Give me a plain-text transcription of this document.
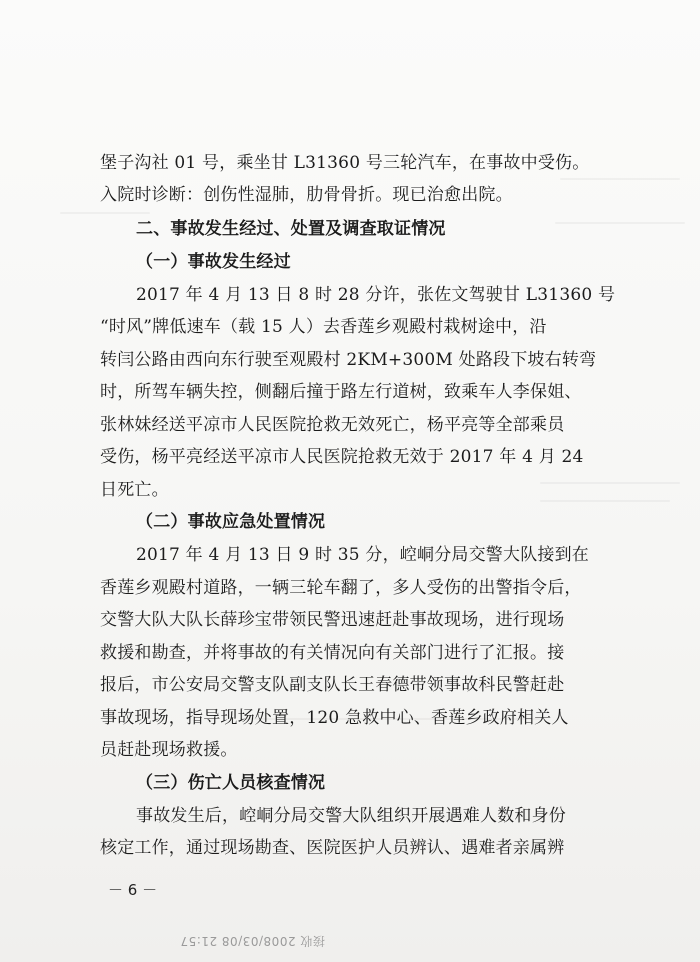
堡子沟社 01 号，乘坐甘 L31360 号三轮汽车，在事故中受伤。
入院时诊断：创伤性湿肺，肋骨骨折。现已治愈出院。
二、事故发生经过、处置及调查取证情况
（一）事故发生经过
2017 年 4 月 13 日 8 时 28 分许，张佐文驾驶甘 L31360 号
“时风”牌低速车（载 15 人）去香莲乡观殿村栽树途中，沿
转闫公路由西向东行驶至观殿村 2KM+300M 处路段下坡右转弯
时，所驾车辆失控，侧翻后撞于路左行道树，致乘车人李保姐、
张林妹经送平凉市人民医院抢救无效死亡，杨平亮等全部乘员
受伤，杨平亮经送平凉市人民医院抢救无效于 2017 年 4 月 24
日死亡。
（二）事故应急处置情况
2017 年 4 月 13 日 9 时 35 分，崆峒分局交警大队接到在
香莲乡观殿村道路，一辆三轮车翻了，多人受伤的出警指令后，
交警大队大队长薛珍宝带领民警迅速赶赴事故现场，进行现场
救援和勘查，并将事故的有关情况向有关部门进行了汇报。接
报后，市公安局交警支队副支队长王春德带领事故科民警赶赴
事故现场，指导现场处置，120 急救中心、香莲乡政府相关人
员赶赴现场救援。
（三）伤亡人员核查情况
事故发生后，崆峒分局交警大队组织开展遇难人数和身份
核定工作，通过现场勘查、医院医护人员辨认、遇难者亲属辨
－ 6 －
接收 2008/03/08 21:57
